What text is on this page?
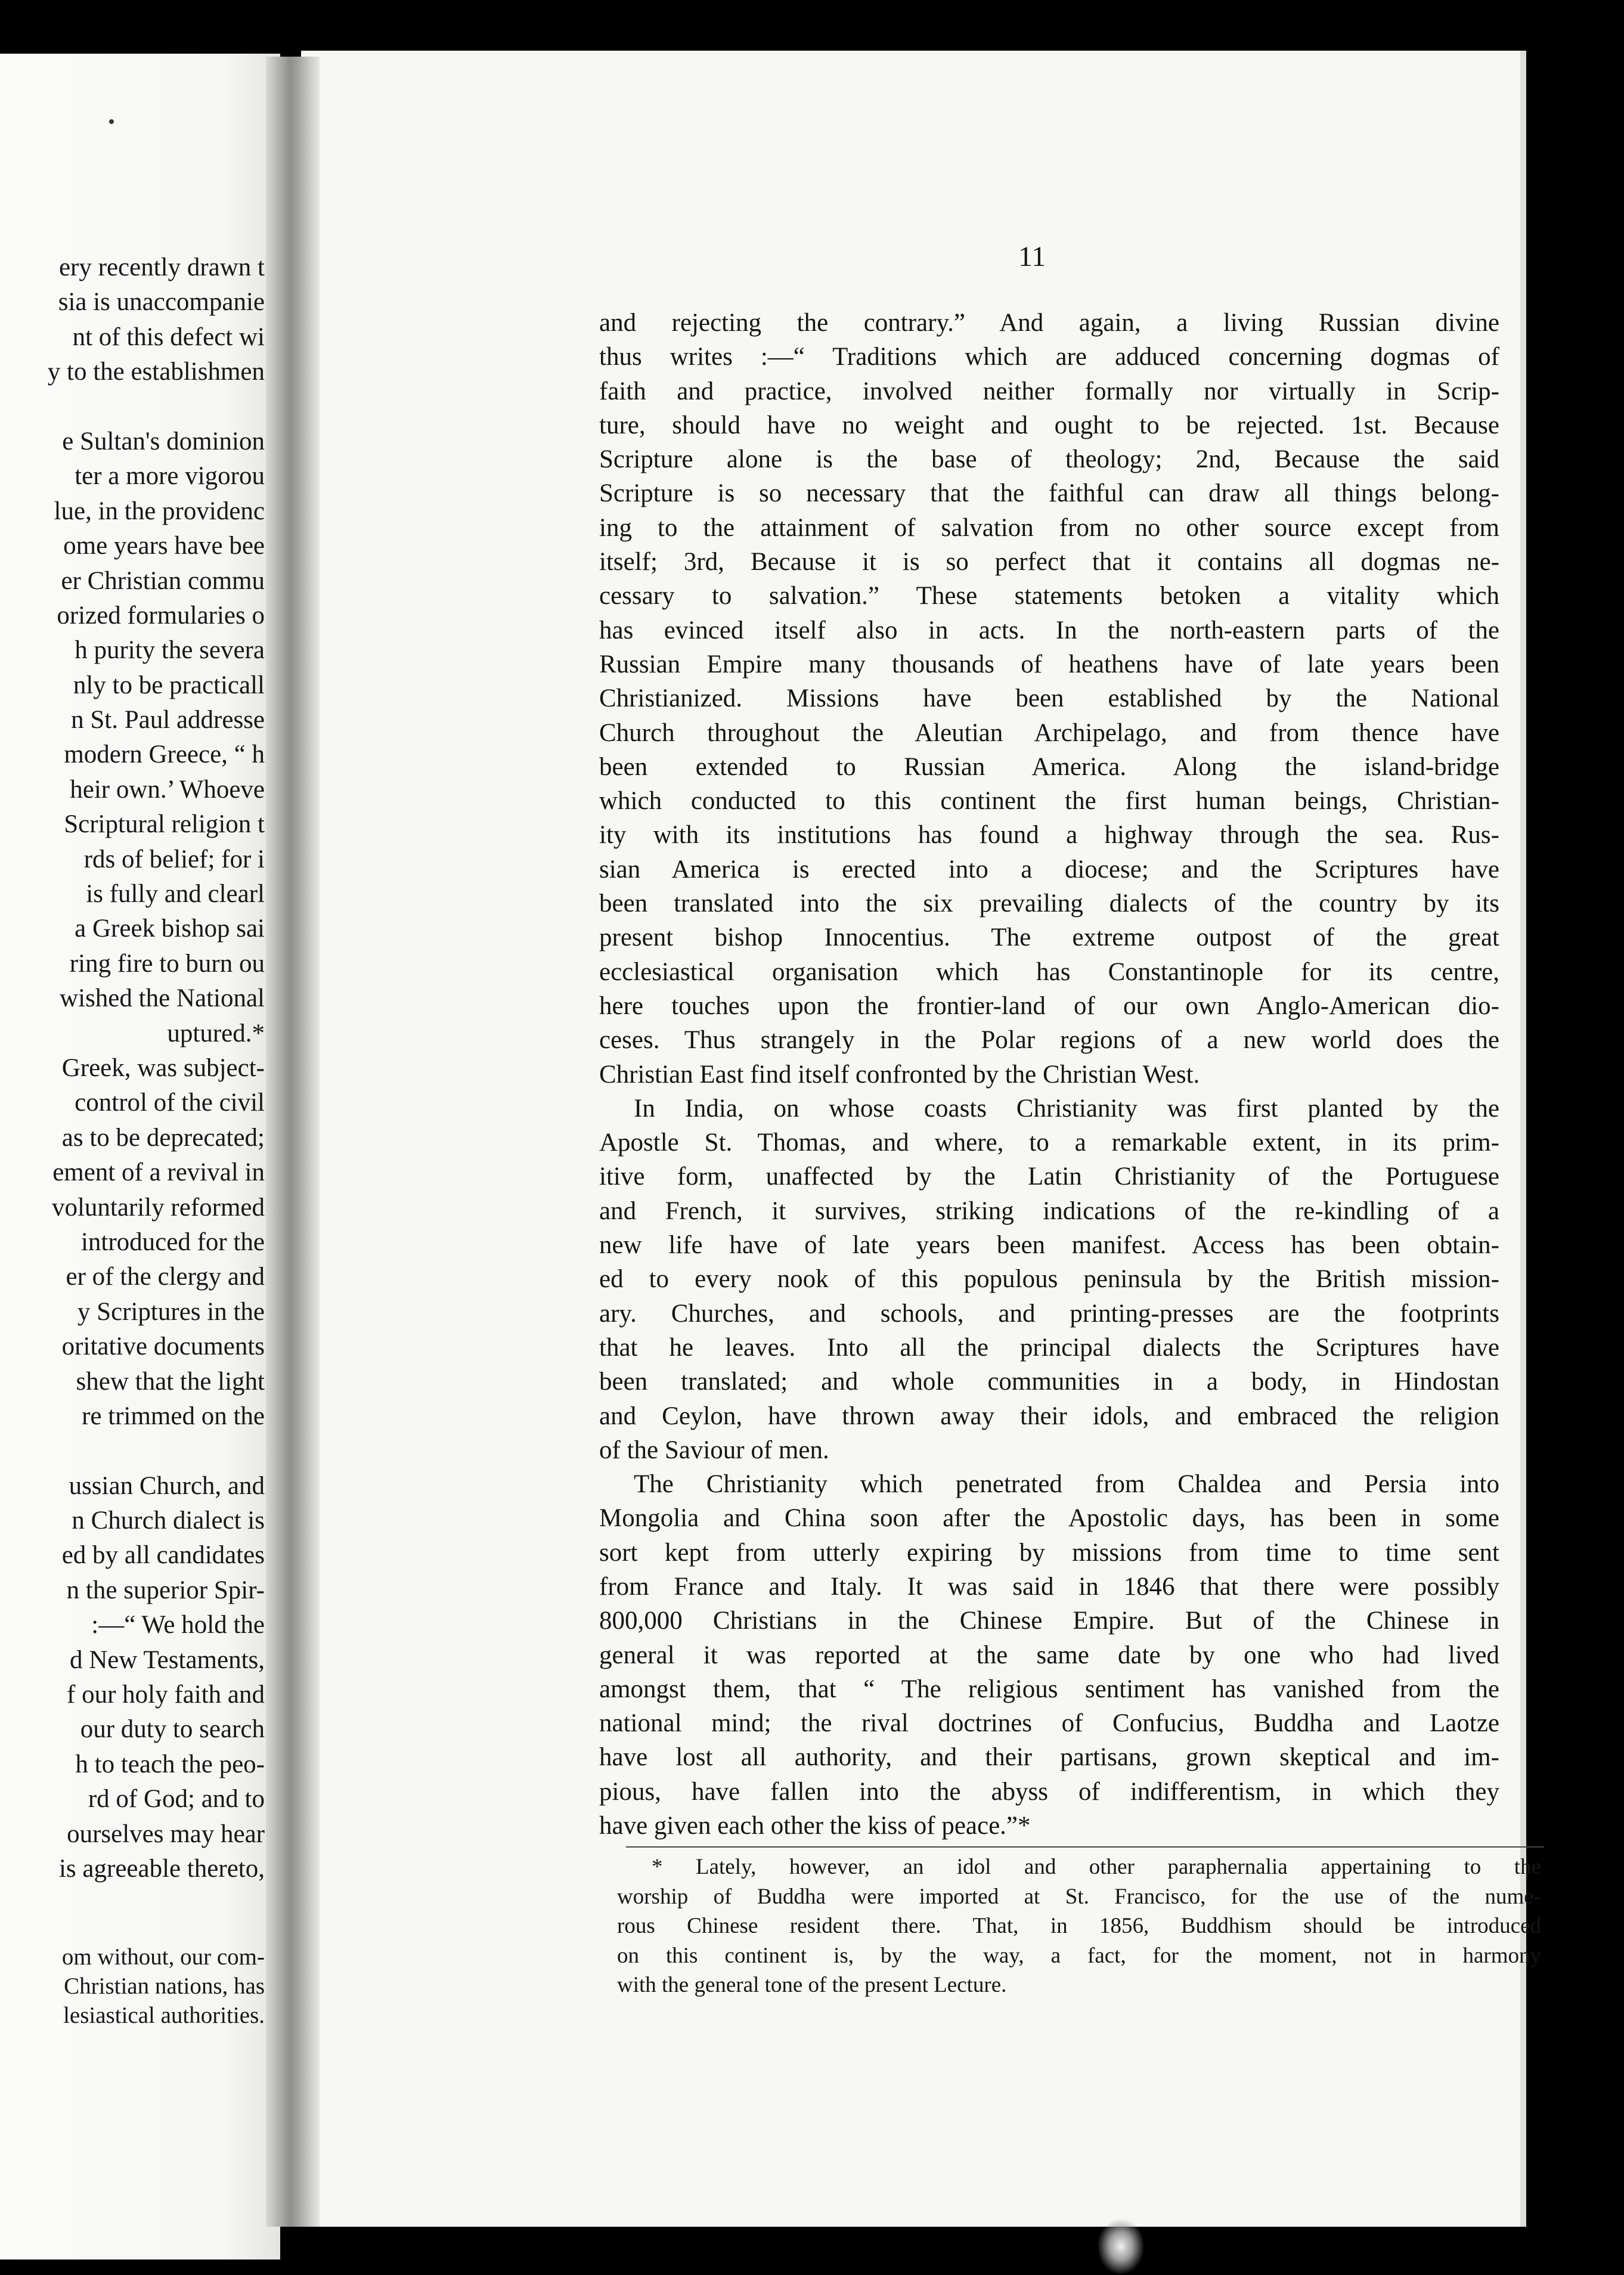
ery recently drawn t
sia is unaccompanie
nt of this defect wi
y to the establishmen
e Sultan's dominion
ter a more vigorou
lue, in the providenc
ome years have bee
er Christian commu
orized formularies o
h purity the severa
nly to be practicall
n St. Paul addresse
modern Greece, “ h
heir own.’ Whoeve
Scriptural religion t
rds of belief; for i
is fully and clearl
a Greek bishop sai
ring fire to burn ou
wished the National
uptured.*
Greek, was subject-
control of the civil
as to be deprecated;
ement of a revival in
voluntarily reformed
introduced for the
er of the clergy and
y Scriptures in the
oritative documents
shew that the light
re trimmed on the
ussian Church, and
n Church dialect is
ed by all candidates
n the superior Spir-
:—“ We hold the
d New Testaments,
f our holy faith and
our duty to search
h to teach the peo-
rd of God; and to
ourselves may hear
is agreeable thereto,
om without, our com-
Christian nations, has
lesiastical authorities.
11
and rejecting the contrary.” And again, a living Russian divine
thus writes :—“ Traditions which are adduced concerning dogmas of
faith and practice, involved neither formally nor virtually in Scrip-
ture, should have no weight and ought to be rejected. 1st. Because
Scripture alone is the base of theology; 2nd, Because the said
Scripture is so necessary that the faithful can draw all things belong-
ing to the attainment of salvation from no other source except from
itself; 3rd, Because it is so perfect that it contains all dogmas ne-
cessary to salvation.” These statements betoken a vitality which
has evinced itself also in acts. In the north-eastern parts of the
Russian Empire many thousands of heathens have of late years been
Christianized. Missions have been established by the National
Church throughout the Aleutian Archipelago, and from thence have
been extended to Russian America. Along the island-bridge
which conducted to this continent the first human beings, Christian-
ity with its institutions has found a highway through the sea. Rus-
sian America is erected into a diocese; and the Scriptures have
been translated into the six prevailing dialects of the country by its
present bishop Innocentius. The extreme outpost of the great
ecclesiastical organisation which has Constantinople for its centre,
here touches upon the frontier-land of our own Anglo-American dio-
ceses. Thus strangely in the Polar regions of a new world does the
Christian East find itself confronted by the Christian West.
In India, on whose coasts Christianity was first planted by the
Apostle St. Thomas, and where, to a remarkable extent, in its prim-
itive form, unaffected by the Latin Christianity of the Portuguese
and French, it survives, striking indications of the re-kindling of a
new life have of late years been manifest. Access has been obtain-
ed to every nook of this populous peninsula by the British mission-
ary. Churches, and schools, and printing-presses are the footprints
that he leaves. Into all the principal dialects the Scriptures have
been translated; and whole communities in a body, in Hindostan
and Ceylon, have thrown away their idols, and embraced the religion
of the Saviour of men.
The Christianity which penetrated from Chaldea and Persia into
Mongolia and China soon after the Apostolic days, has been in some
sort kept from utterly expiring by missions from time to time sent
from France and Italy. It was said in 1846 that there were possibly
800,000 Christians in the Chinese Empire. But of the Chinese in
general it was reported at the same date by one who had lived
amongst them, that “ The religious sentiment has vanished from the
national mind; the rival doctrines of Confucius, Buddha and Laotze
have lost all authority, and their partisans, grown skeptical and im-
pious, have fallen into the abyss of indifferentism, in which they
have given each other the kiss of peace.”*
* Lately, however, an idol and other paraphernalia appertaining to the
worship of Buddha were imported at St. Francisco, for the use of the nume-
rous Chinese resident there. That, in 1856, Buddhism should be introduced
on this continent is, by the way, a fact, for the moment, not in harmony
with the general tone of the present Lecture.
